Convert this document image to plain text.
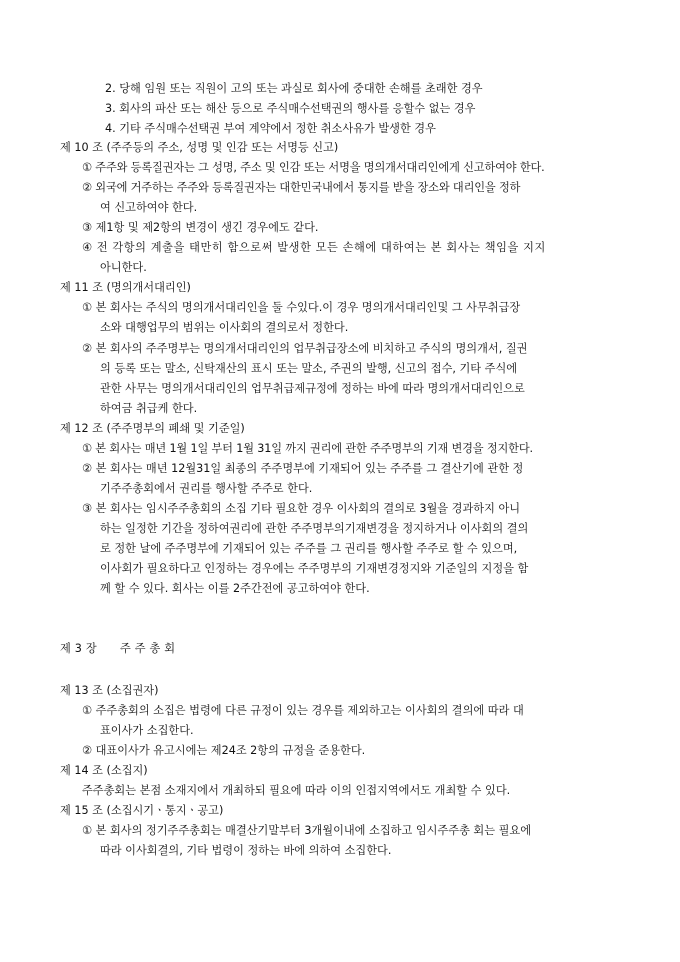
2. 당해 임원 또는 직원이 고의 또는 과실로 회사에 중대한 손해를 초래한 경우
3. 회사의 파산 또는 해산 등으로 주식매수선택권의 행사를 응할수 없는 경우
4. 기타 주식매수선택권 부여 계약에서 정한 취소사유가 발생한 경우
제 10 조 (주주등의 주소, 성명 및 인감 또는 서명등 신고)
① 주주와 등록질권자는 그 성명, 주소 및 인감 또는 서명을 명의개서대리인에게 신고하여야 한다.
② 외국에 거주하는 주주와 등록질권자는 대한민국내에서 통지를 받을 장소와 대리인을 정하
여 신고하여야 한다.
③ 제1항 및 제2항의 변경이 생긴 경우에도 같다.
④ 전 각항의 계출을 태만히 함으로써 발생한 모든 손해에 대하여는 본 회사는 책임을 지지
아니한다.
제 11 조 (명의개서대리인)
① 본 회사는 주식의 명의개서대리인을 둘 수있다.이 경우 명의개서대리인및 그 사무취급장
소와 대행업무의 범위는 이사회의 결의로서 정한다.
② 본 회사의 주주명부는 명의개서대리인의 업무취급장소에 비치하고 주식의 명의개서, 질권
의 등록 또는 말소, 신탁재산의 표시 또는 말소, 주권의 발행, 신고의 접수, 기타 주식에
관한 사무는 명의개서대리인의 업무취급제규정에 정하는 바에 따라 명의개서대리인으로
하여금 취급케 한다.
제 12 조 (주주명부의 폐쇄 및 기준일)
① 본 회사는 매년 1월 1일 부터 1월 31일 까지 권리에 관한 주주명부의 기재 변경을 정지한다.
② 본 회사는 매년 12월31일 최종의 주주명부에 기재되어 있는 주주를 그 결산기에 관한 정
기주주총회에서 권리를 행사할 주주로 한다.
③ 본 회사는 임시주주총회의 소집 기타 필요한 경우 이사회의 결의로 3월을 경과하지 아니
하는 일정한 기간을 정하여권리에 관한 주주명부의기재변경을 정지하거나 이사회의 결의
로 정한 날에 주주명부에 기재되어 있는 주주를 그 권리를 행사할 주주로 할 수 있으며,
이사회가 필요하다고 인정하는 경우에는 주주명부의 기재변경정지와 기준일의 지정을 함
께 할 수 있다. 회사는 이를 2주간전에 공고하여야 한다.
제 3 장 주 주 총 회
제 13 조 (소집권자)
① 주주총회의 소집은 법령에 다른 규정이 있는 경우를 제외하고는 이사회의 결의에 따라 대
표이사가 소집한다.
② 대표이사가 유고시에는 제24조 2항의 규정을 준용한다.
제 14 조 (소집지)
주주총회는 본점 소재지에서 개최하되 필요에 따라 이의 인접지역에서도 개최할 수 있다.
제 15 조 (소집시기ㆍ통지ㆍ공고)
① 본 회사의 정기주주총회는 매결산기말부터 3개월이내에 소집하고 임시주주총 회는 필요에
따라 이사회결의, 기타 법령이 정하는 바에 의하여 소집한다.
